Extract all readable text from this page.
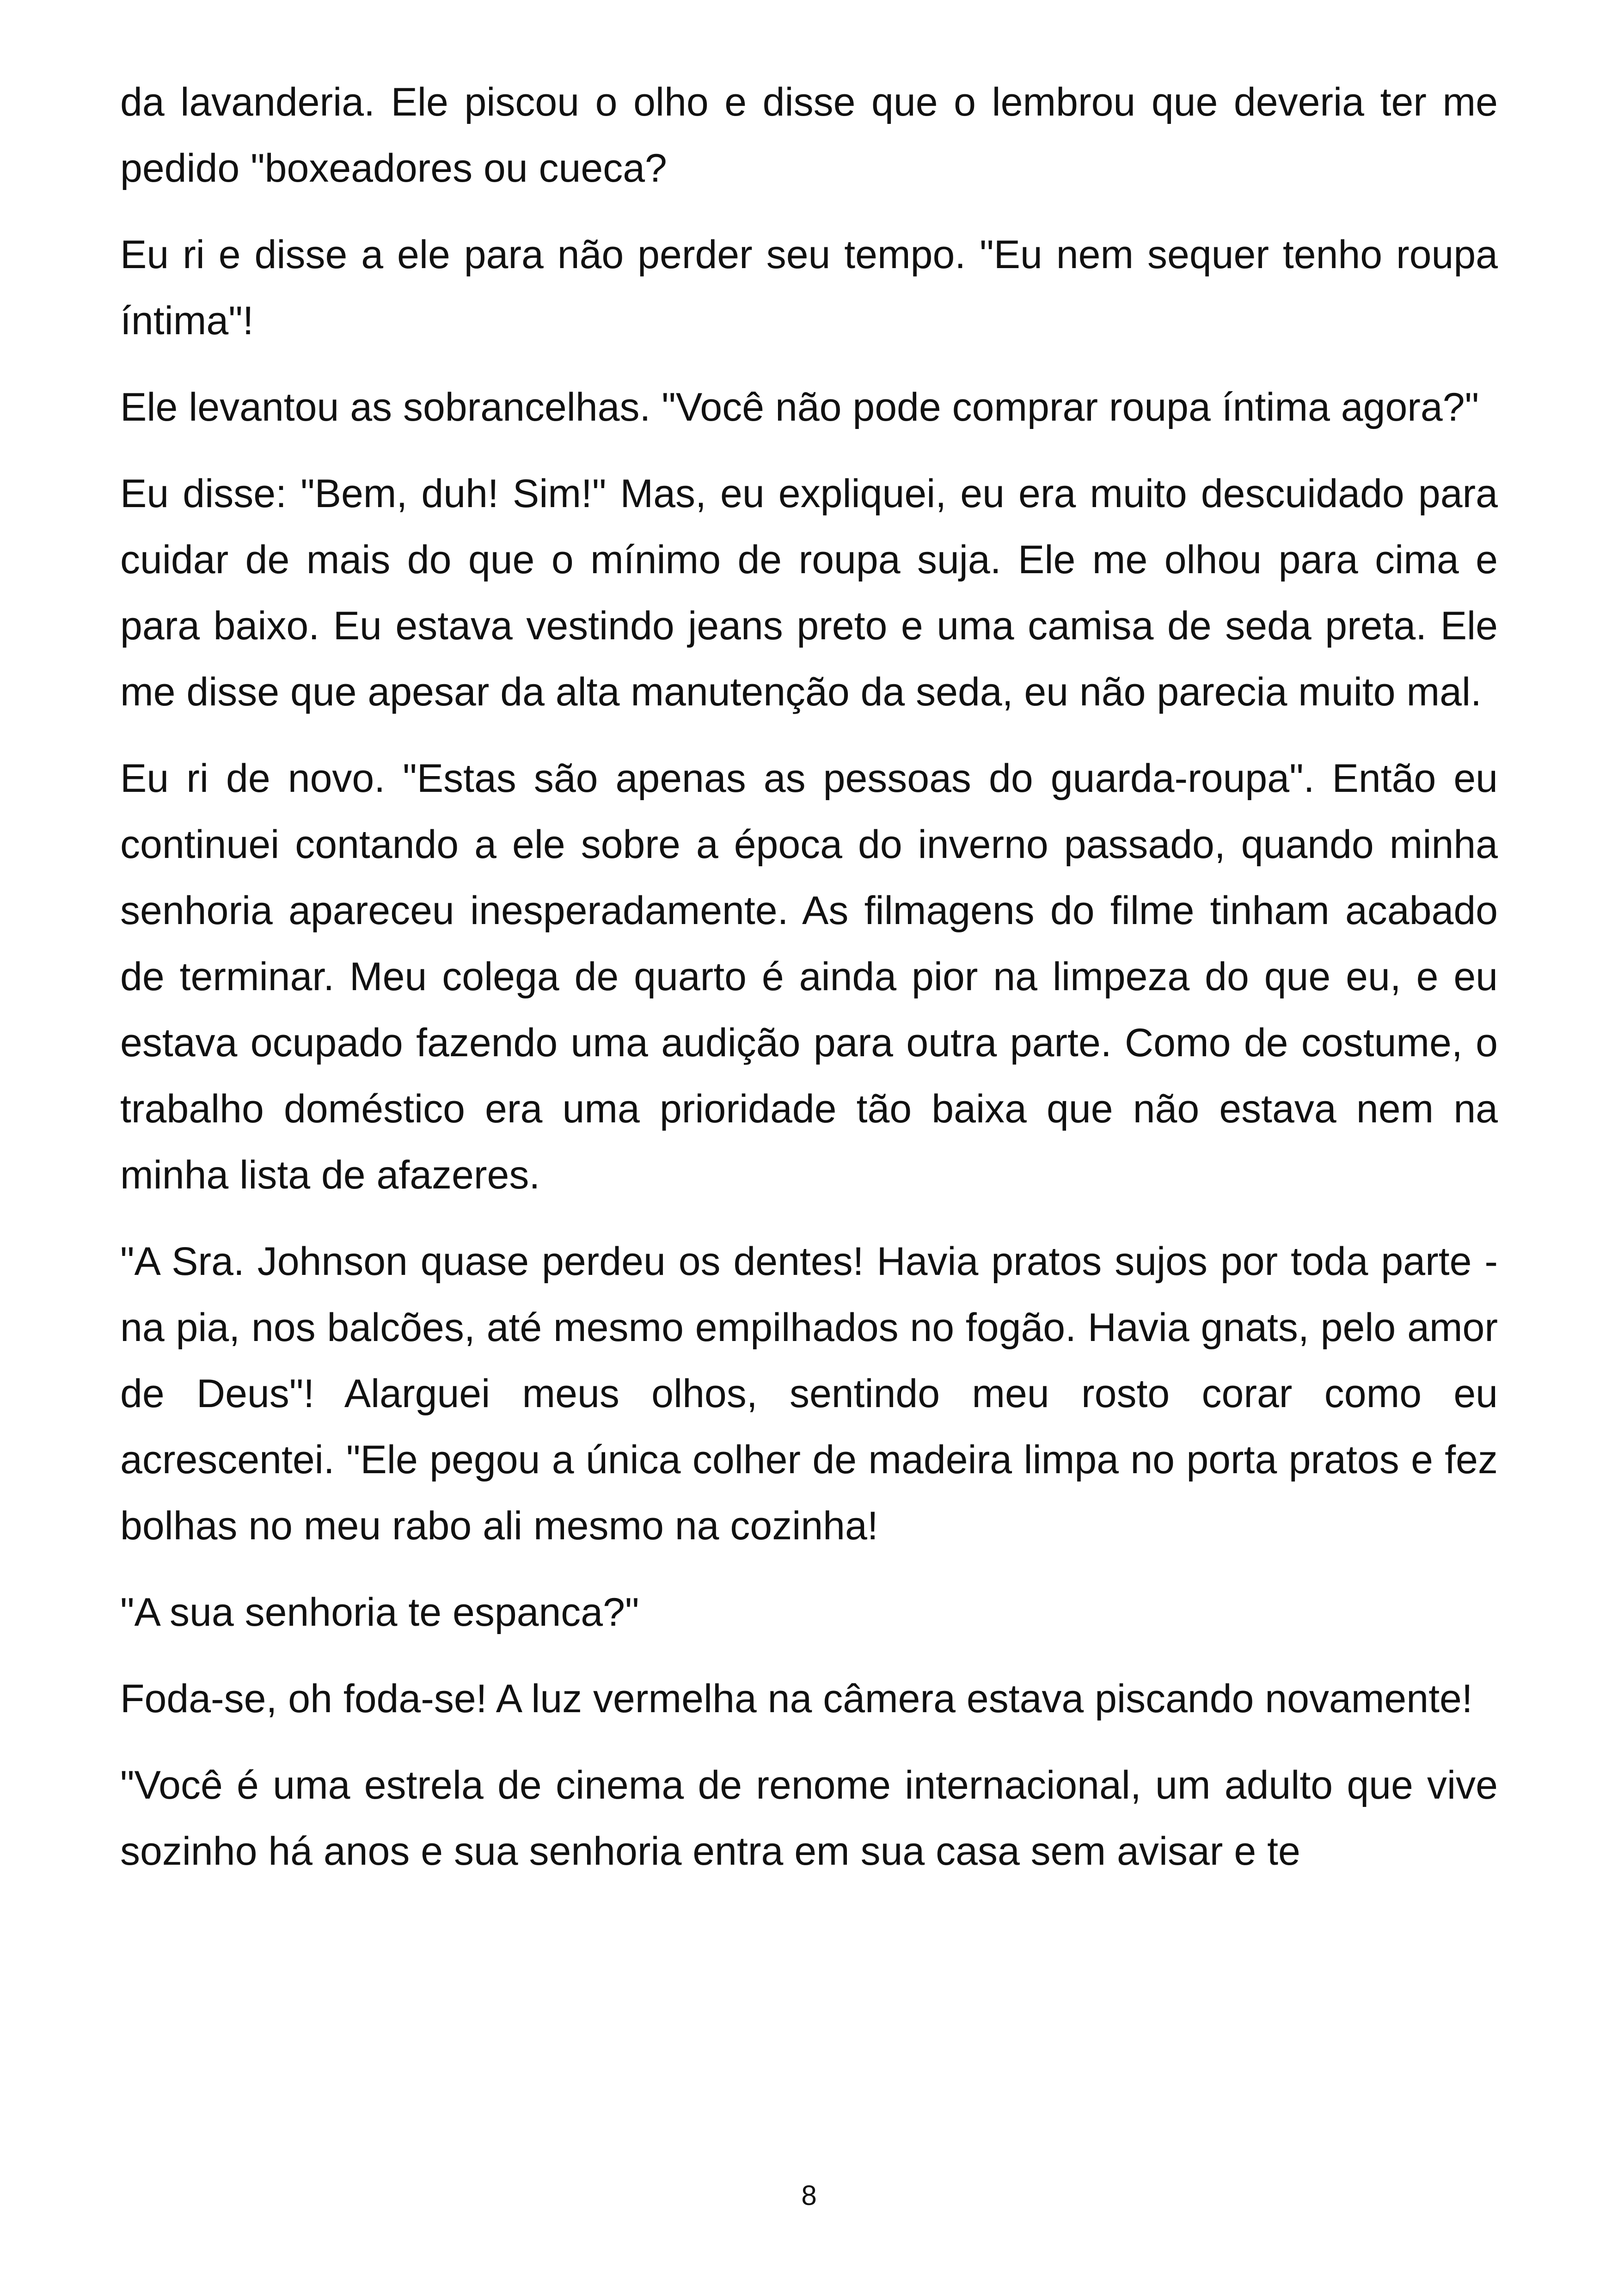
da lavanderia. Ele piscou o olho e disse que o lembrou que deveria ter me pedido "boxeadores ou cueca?

Eu ri e disse a ele para não perder seu tempo. "Eu nem sequer tenho roupa íntima"!

Ele levantou as sobrancelhas. "Você não pode comprar roupa íntima agora?"

Eu disse: "Bem, duh! Sim!" Mas, eu expliquei, eu era muito descuidado para cuidar de mais do que o mínimo de roupa suja. Ele me olhou para cima e para baixo. Eu estava vestindo jeans preto e uma camisa de seda preta. Ele me disse que apesar da alta manutenção da seda, eu não parecia muito mal.

Eu ri de novo. "Estas são apenas as pessoas do guarda-roupa". Então eu continuei contando a ele sobre a época do inverno passado, quando minha senhoria apareceu inesperadamente. As filmagens do filme tinham acabado de terminar. Meu colega de quarto é ainda pior na limpeza do que eu, e eu estava ocupado fazendo uma audição para outra parte. Como de costume, o trabalho doméstico era uma prioridade tão baixa que não estava nem na minha lista de afazeres.

"A Sra. Johnson quase perdeu os dentes! Havia pratos sujos por toda parte - na pia, nos balcões, até mesmo empilhados no fogão. Havia gnats, pelo amor de Deus"! Alarguei meus olhos, sentindo meu rosto corar como eu acrescentei. "Ele pegou a única colher de madeira limpa no porta pratos e fez bolhas no meu rabo ali mesmo na cozinha!

"A sua senhoria te espanca?"

Foda-se, oh foda-se! A luz vermelha na câmera estava piscando novamente!

"Você é uma estrela de cinema de renome internacional, um adulto que vive sozinho há anos e sua senhoria entra em sua casa sem avisar e te

8
